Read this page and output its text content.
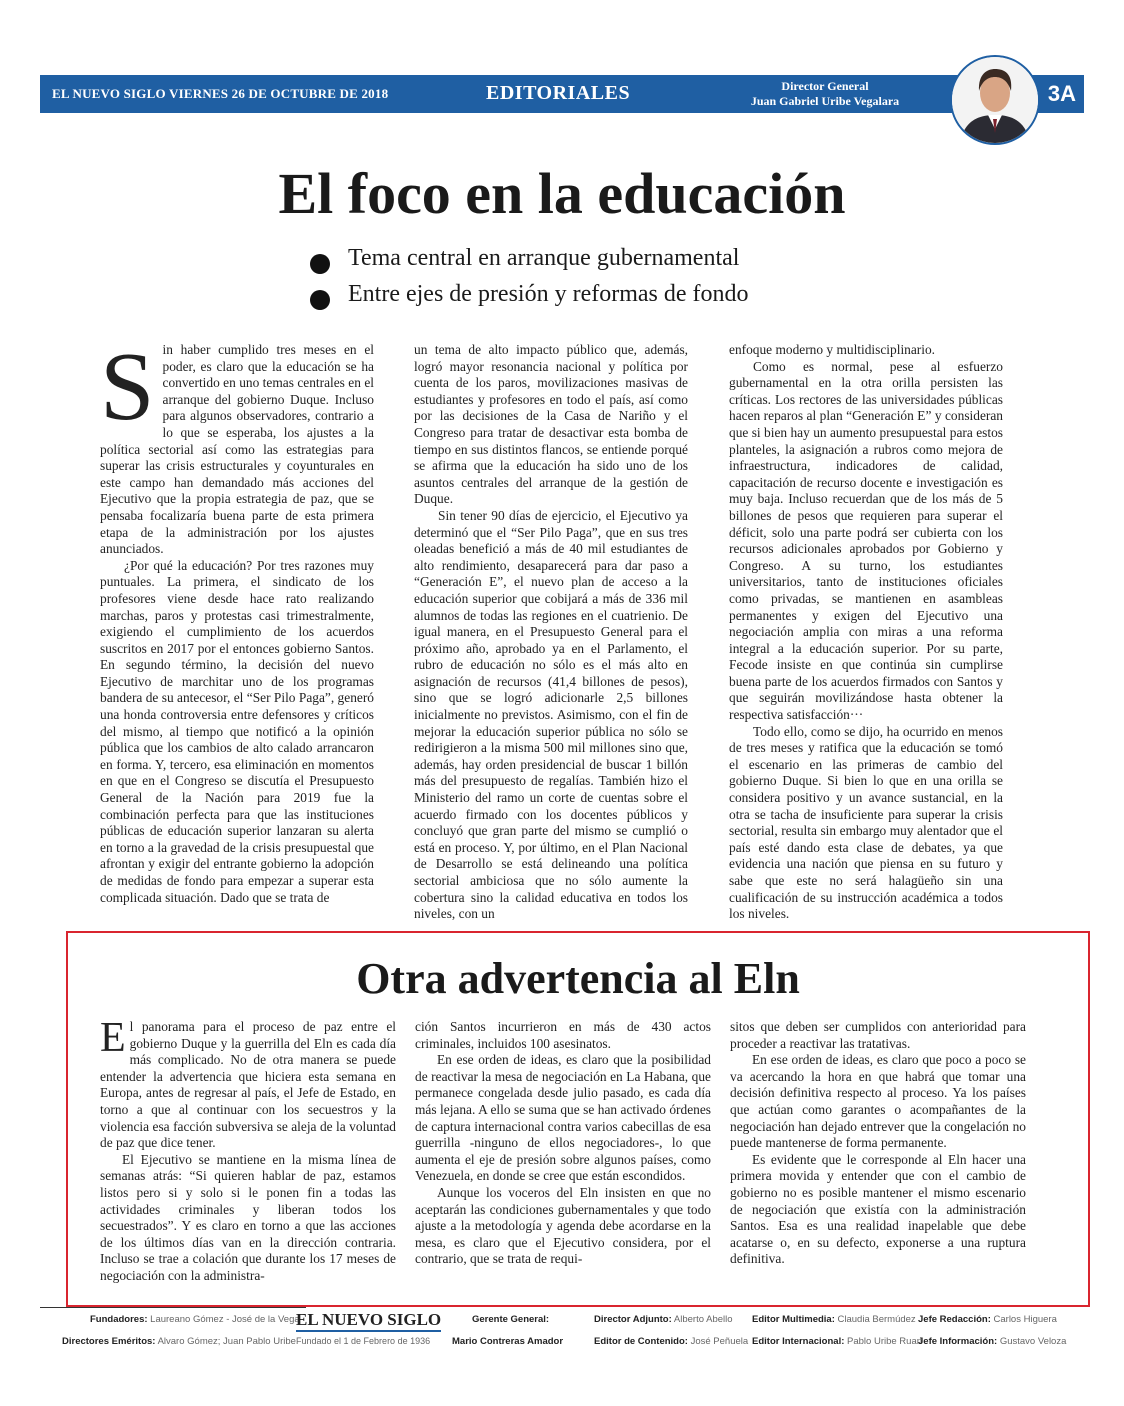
EL NUEVO SIGLO VIERNES 26 DE OCTUBRE DE 2018	EDITORIALES	Director General
Juan Gabriel Uribe Vegalara	3A
El foco en la educación
Tema central en arranque gubernamental
Entre ejes de presión y reformas de fondo

Sin haber cumplido tres meses en el poder, es claro que la educación se ha convertido en uno temas centrales en el arranque del gobierno Duque. Incluso para algunos observadores, contrario a lo que se esperaba, los ajustes a la política sectorial así como las estrategias para superar las crisis estructurales y coyunturales en este campo han demandado más acciones del Ejecutivo que la propia estrategia de paz, que se pensaba focalizaría buena parte de esta primera etapa de la administración por los ajustes anunciados.

¿Por qué la educación? Por tres razones muy puntuales. La primera, el sindicato de los profesores viene desde hace rato realizando marchas, paros y protestas casi trimestralmente, exigiendo el cumplimiento de los acuerdos suscritos en 2017 por el entonces gobierno Santos. En segundo término, la decisión del nuevo Ejecutivo de marchitar uno de los programas bandera de su antecesor, el “Ser Pilo Paga”, generó una honda controversia entre defensores y críticos del mismo, al tiempo que notificó a la opinión pública que los cambios de alto calado arrancaron en forma. Y, tercero, esa eliminación en momentos en que en el Congreso se discutía el Presupuesto General de la Nación para 2019 fue la combinación perfecta para que las instituciones públicas de educación superior lanzaran su alerta en torno a la gravedad de la crisis presupuestal que afrontan y exigir del entrante gobierno la adopción de medidas de fondo para empezar a superar esta complicada situación. Dado que se trata de

un tema de alto impacto público que, además, logró mayor resonancia nacional y política por cuenta de los paros, movilizaciones masivas de estudiantes y profesores en todo el país, así como por las decisiones de la Casa de Nariño y el Congreso para tratar de desactivar esta bomba de tiempo en sus distintos flancos, se entiende porqué se afirma que la educación ha sido uno de los asuntos centrales del arranque de la gestión de Duque.

Sin tener 90 días de ejercicio, el Ejecutivo ya determinó que el “Ser Pilo Paga”, que en sus tres oleadas benefició a más de 40 mil estudiantes de alto rendimiento, desaparecerá para dar paso a “Generación E”, el nuevo plan de acceso a la educación superior que cobijará a más de 336 mil alumnos de todas las regiones en el cuatrienio. De igual manera, en el Presupuesto General para el próximo año, aprobado ya en el Parlamento, el rubro de educación no sólo es el más alto en asignación de recursos (41,4 billones de pesos), sino que se logró adicionarle 2,5 billones inicialmente no previstos. Asimismo, con el fin de mejorar la educación superior pública no sólo se redirigieron a la misma 500 mil millones sino que, además, hay orden presidencial de buscar 1 billón más del presupuesto de regalías. También hizo el Ministerio del ramo un corte de cuentas sobre el acuerdo firmado con los docentes públicos y concluyó que gran parte del mismo se cumplió o está en proceso. Y, por último, en el Plan Nacional de Desarrollo se está delineando una política sectorial ambiciosa que no sólo aumente la cobertura sino la calidad educativa en todos los niveles, con un

enfoque moderno y multidisciplinario.

Como es normal, pese al esfuerzo gubernamental en la otra orilla persisten las críticas. Los rectores de las universidades públicas hacen reparos al plan “Generación E” y consideran que si bien hay un aumento presupuestal para estos planteles, la asignación a rubros como mejora de infraestructura, indicadores de calidad, capacitación de recurso docente e investigación es muy baja. Incluso recuerdan que de los más de 5 billones de pesos que requieren para superar el déficit, solo una parte podrá ser cubierta con los recursos adicionales aprobados por Gobierno y Congreso. A su turno, los estudiantes universitarios, tanto de instituciones oficiales como privadas, se mantienen en asambleas permanentes y exigen del Ejecutivo una negociación amplia con miras a una reforma integral a la educación superior. Por su parte, Fecode insiste en que continúa sin cumplirse buena parte de los acuerdos firmados con Santos y que seguirán movilizándose hasta obtener la respectiva satisfacción···

Todo ello, como se dijo, ha ocurrido en menos de tres meses y ratifica que la educación se tomó el escenario en las primeras de cambio del gobierno Duque. Si bien lo que en una orilla se considera positivo y un avance sustancial, en la otra se tacha de insuficiente para superar la crisis sectorial, resulta sin embargo muy alentador que el país esté dando esta clase de debates, ya que evidencia una nación que piensa en su futuro y sabe que este no será halagüeño sin una cualificación de su instrucción académica a todos los niveles.

Otra advertencia al Eln

El panorama para el proceso de paz entre el gobierno Duque y la guerrilla del Eln es cada día más complicado. No de otra manera se puede entender la advertencia que hiciera esta semana en Europa, antes de regresar al país, el Jefe de Estado, en torno a que al continuar con los secuestros y la violencia esa facción subversiva se aleja de la voluntad de paz que dice tener.

El Ejecutivo se mantiene en la misma línea de semanas atrás: “Si quieren hablar de paz, estamos listos pero si y solo si le ponen fin a todas las actividades criminales y liberan todos los secuestrados”. Y es claro en torno a que las acciones de los últimos días van en la dirección contraria. Incluso se trae a colación que durante los 17 meses de negociación con la administra-

ción Santos incurrieron en más de 430 actos criminales, incluidos 100 asesinatos.

En ese orden de ideas, es claro que la posibilidad de reactivar la mesa de negociación en La Habana, que permanece congelada desde julio pasado, es cada día más lejana. A ello se suma que se han activado órdenes de captura internacional contra varios cabecillas de esa guerrilla -ninguno de ellos negociadores-, lo que aumenta el eje de presión sobre algunos países, como Venezuela, en donde se cree que están escondidos.

Aunque los voceros del Eln insisten en que no aceptarán las condiciones gubernamentales y que todo ajuste a la metodología y agenda debe acordarse en la mesa, es claro que el Ejecutivo considera, por el contrario, que se trata de requi-

sitos que deben ser cumplidos con anterioridad para proceder a reactivar las tratativas.

En ese orden de ideas, es claro que poco a poco se va acercando la hora en que habrá que tomar una decisión definitiva respecto al proceso. Ya los países que actúan como garantes o acompañantes de la negociación han dejado entrever que la congelación no puede mantenerse de forma permanente.

Es evidente que le corresponde al Eln hacer una primera movida y entender que con el cambio de gobierno no es posible mantener el mismo escenario de negociación que existía con la administración Santos. Esa es una realidad inapelable que debe acatarse o, en su defecto, exponerse a una ruptura definitiva.

Fundadores: Laureano Gómez - José de la Vega
Directores Eméritos: Alvaro Gómez; Juan Pablo Uribe
EL NUEVO SIGLO
Fundado el 1 de Febrero de 1936
Gerente General:
Mario Contreras Amador
Director Adjunto: Alberto Abello
Editor de Contenido: José Peñuela
Editor Multimedia: Claudia Bermúdez
Editor Internacional: Pablo Uribe Ruan
Jefe Redacción: Carlos Higuera
Jefe Información: Gustavo Veloza
